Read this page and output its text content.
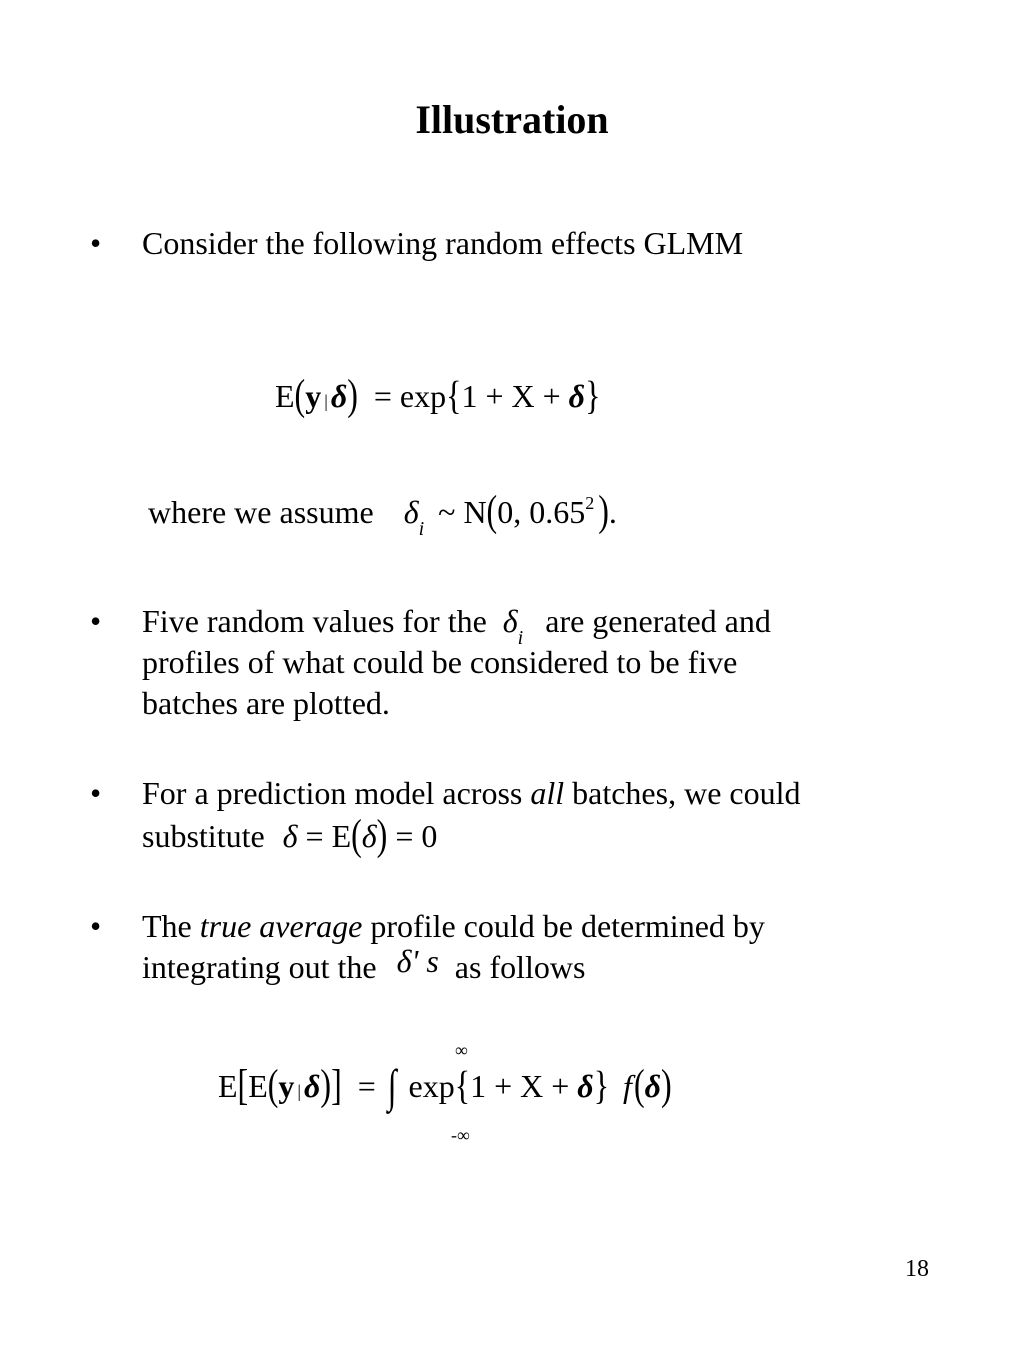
Illustration
• Consider the following random effects GLMM
E(y |δ) = exp{1 + X + δ}
where we assume $\delta_i$ ~ N(0, 0.65$^2$ ).
• Five random values for the $\delta_i$ are generated and
profiles of what could be considered to be five
batches are plotted.
• For a prediction model across all batches, we could
substitute δ = E(δ) = 0
• The true average profile could be determined by
integrating out the δ' s as follows
∞
-∞
E[E(y |δ)] = ∫ exp{1 + X + δ} f(δ)
18
